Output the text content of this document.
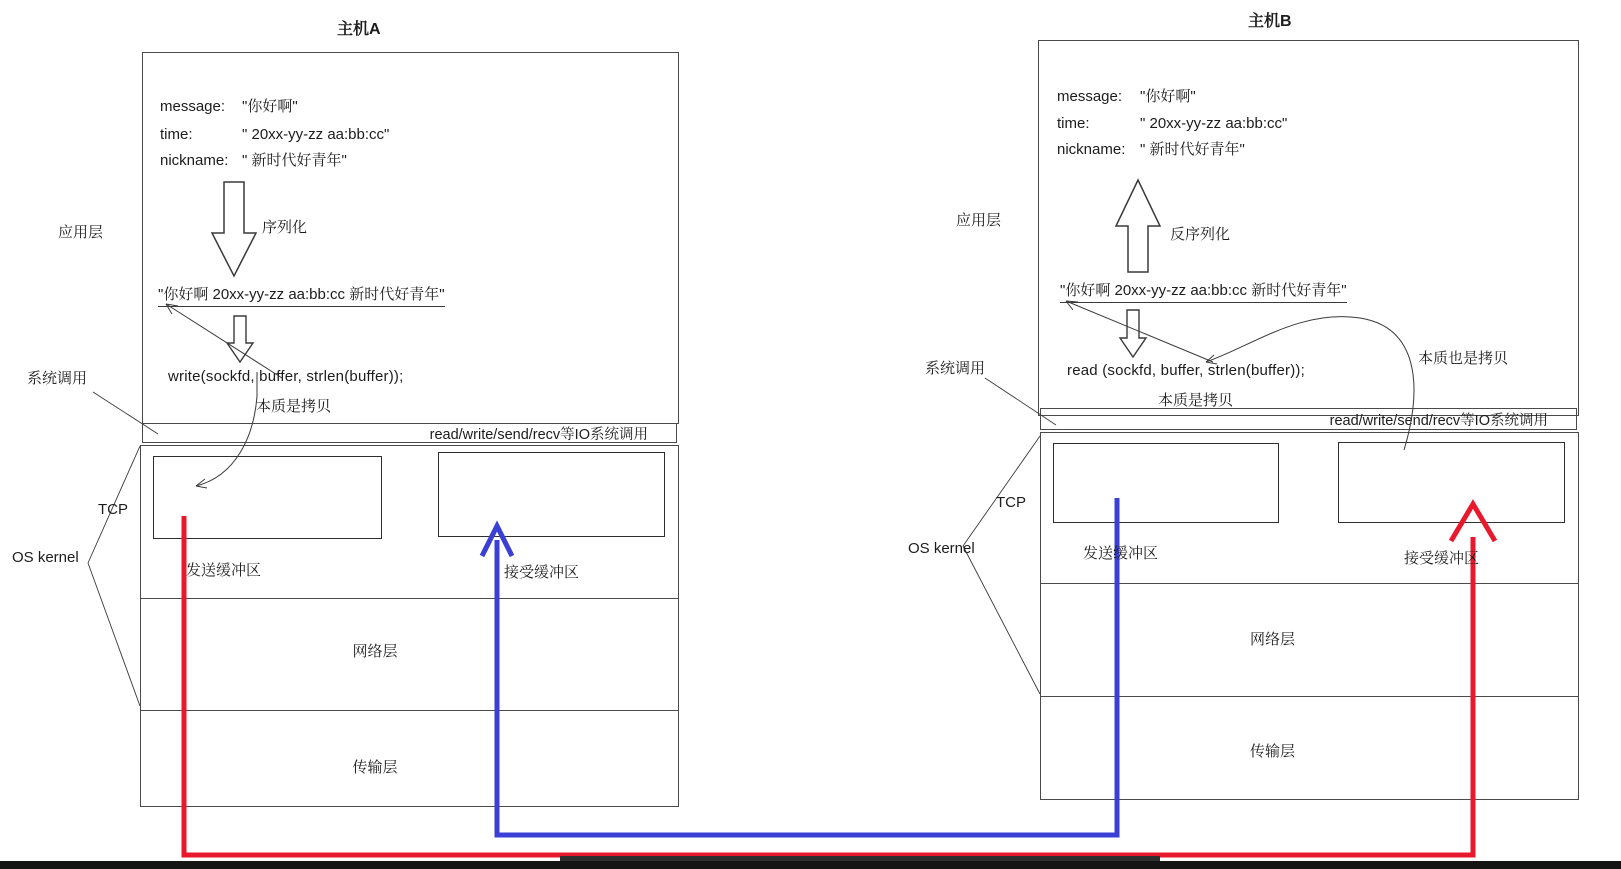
主机A
message: "你好啊"
time:	" 20xx-yy-zz aa:bb:cc"
nickname: " 新时代好青年"
序列化
"你好啊 20xx-yy-zz aa:bb:cc 新时代好青年"
write(sockfd, buffer, strlen(buffer));
本质是拷贝
read/write/send/recv等IO系统调用
发送缓冲区	接受缓冲区
网络层
传输层
应用层
系统调用
TCP
OS kernel
主机B
message: "你好啊"
time:	" 20xx-yy-zz aa:bb:cc"
nickname: " 新时代好青年"
反序列化
"你好啊 20xx-yy-zz aa:bb:cc 新时代好青年"
read (sockfd, buffer, strlen(buffer));
本质是拷贝
本质也是拷贝
read/write/send/recv等IO系统调用
发送缓冲区	接受缓冲区
网络层
传输层
应用层
系统调用
TCP
OS kernel
